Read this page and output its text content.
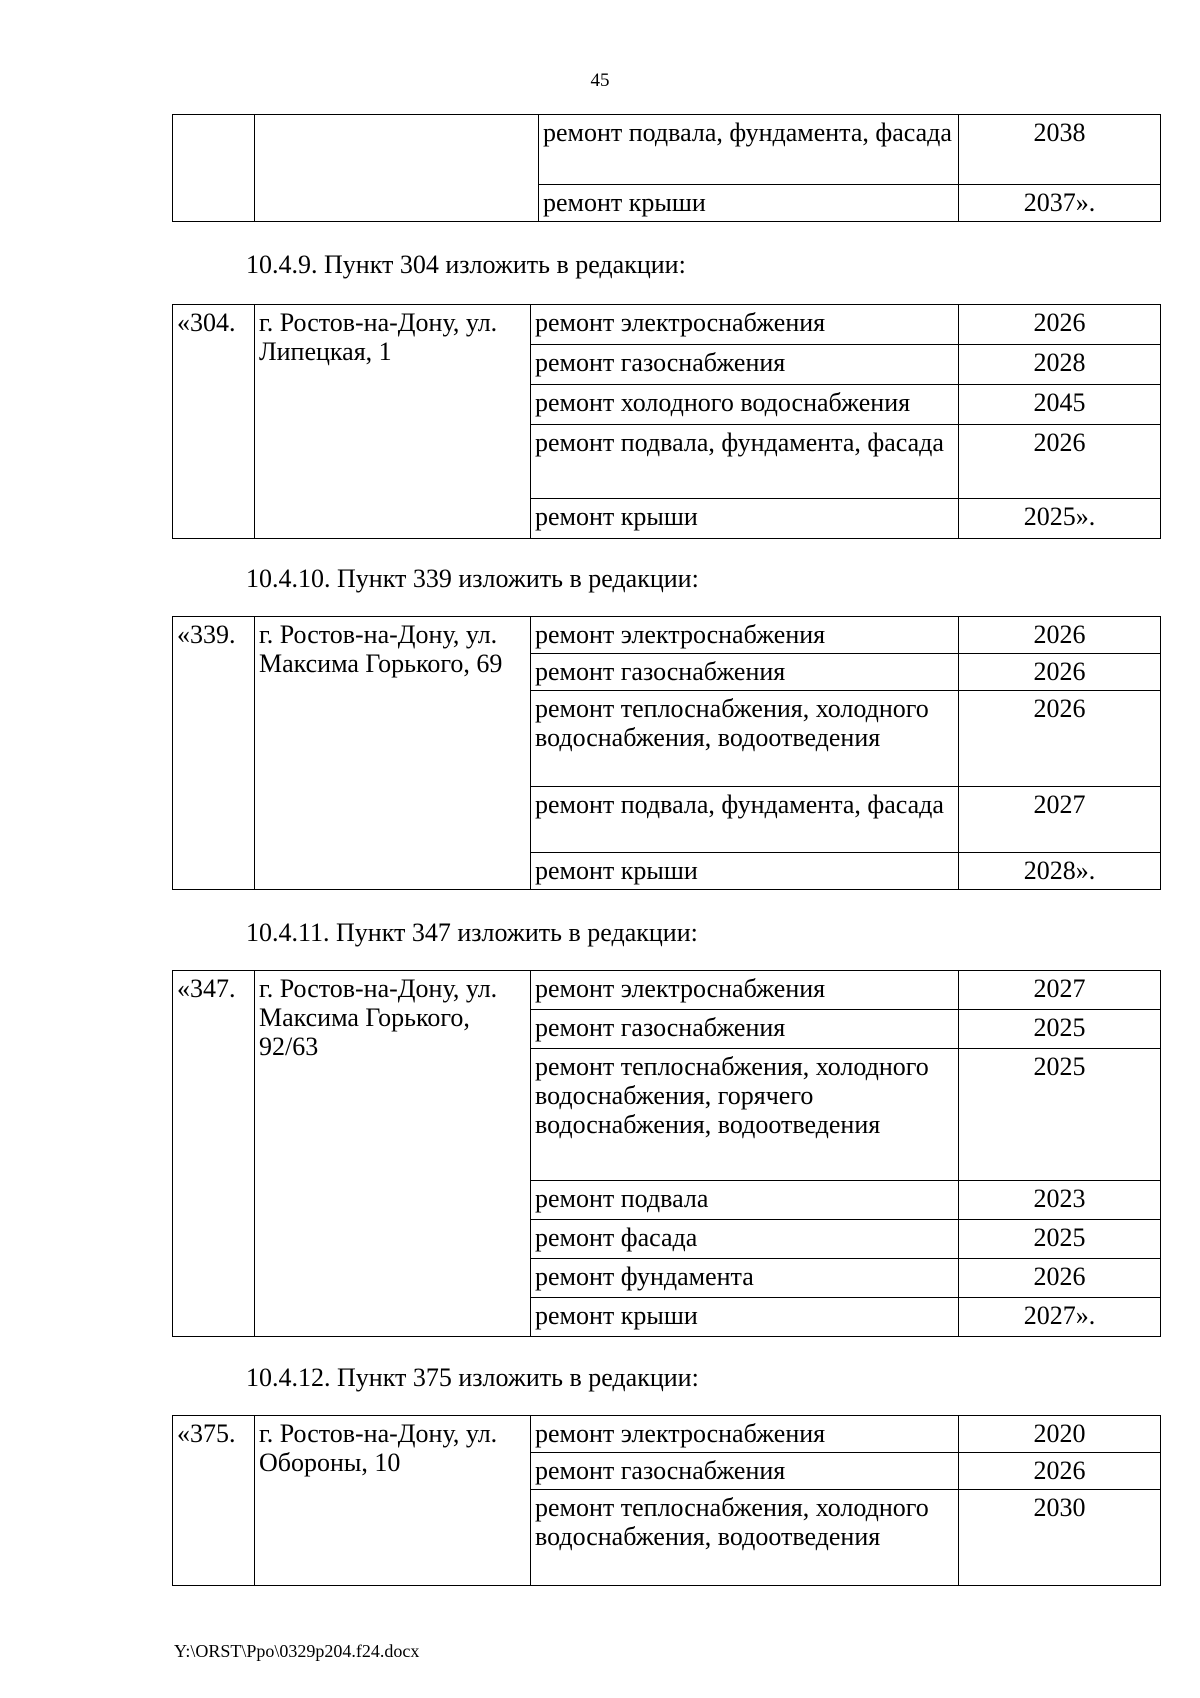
45
		ремонт подвала, фундамента, фасада	2038
		ремонт крыши	2037».
10.4.9. Пункт 304 изложить в редакции:
«304.	г. Ростов-на-Дону, ул. Липецкая, 1	ремонт электроснабжения	2026
		ремонт газоснабжения	2028
		ремонт холодного водоснабжения	2045
		ремонт подвала, фундамента, фасада	2026
		ремонт крыши	2025».
10.4.10. Пункт 339 изложить в редакции:
«339.	г. Ростов-на-Дону, ул. Максима Горького, 69	ремонт электроснабжения	2026
		ремонт газоснабжения	2026
		ремонт теплоснабжения, холодного водоснабжения, водоотведения	2026
		ремонт подвала, фундамента, фасада	2027
		ремонт крыши	2028».
10.4.11. Пункт 347 изложить в редакции:
«347.	г. Ростов-на-Дону, ул. Максима Горького, 92/63	ремонт электроснабжения	2027
		ремонт газоснабжения	2025
		ремонт теплоснабжения, холодного водоснабжения, горячего водоснабжения, водоотведения	2025
		ремонт подвала	2023
		ремонт фасада	2025
		ремонт фундамента	2026
		ремонт крыши	2027».
10.4.12. Пункт 375 изложить в редакции:
«375.	г. Ростов-на-Дону, ул. Обороны, 10	ремонт электроснабжения	2020
		ремонт газоснабжения	2026
		ремонт теплоснабжения, холодного водоснабжения, водоотведения	2030
Y:\ORST\Ppo\0329p204.f24.docx
